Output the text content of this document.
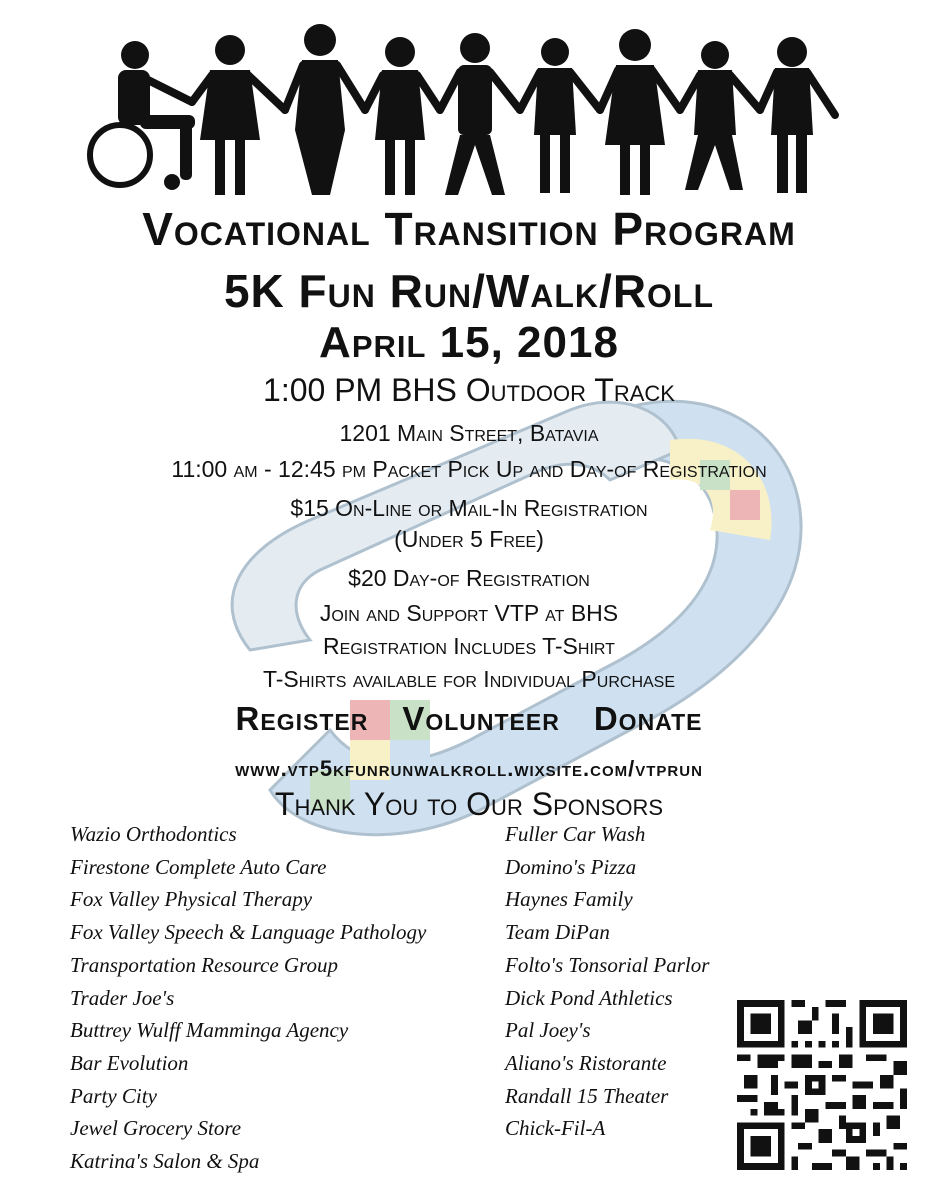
Vocational Transition Program
5K Fun Run/Walk/Roll
April 15, 2018
1:00 PM BHS Outdoor Track
1201 Main Street, Batavia
11:00 am - 12:45 pm Packet Pick Up and Day-of Registration
$15 On-Line or Mail-In Registration
(Under 5 Free)
$20 Day-of Registration
Join and Support VTP at BHS
Registration Includes T-Shirt
T-Shirts available for Individual Purchase
Register Volunteer Donate
www.vtp5kfunrunwalkroll.wixsite.com/vtprun
Thank You to Our Sponsors
Wazio Orthodontics
Firestone Complete Auto Care
Fox Valley Physical Therapy
Fox Valley Speech & Language Pathology
Transportation Resource Group
Trader Joe's
Buttrey Wulff Mamminga Agency
Bar Evolution
Party City
Jewel Grocery Store
Katrina's Salon & Spa
Fuller Car Wash
Domino's Pizza
Haynes Family
Team DiPan
Folto's Tonsorial Parlor
Dick Pond Athletics
Pal Joey's
Aliano's Ristorante
Randall 15 Theater
Chick-Fil-A
